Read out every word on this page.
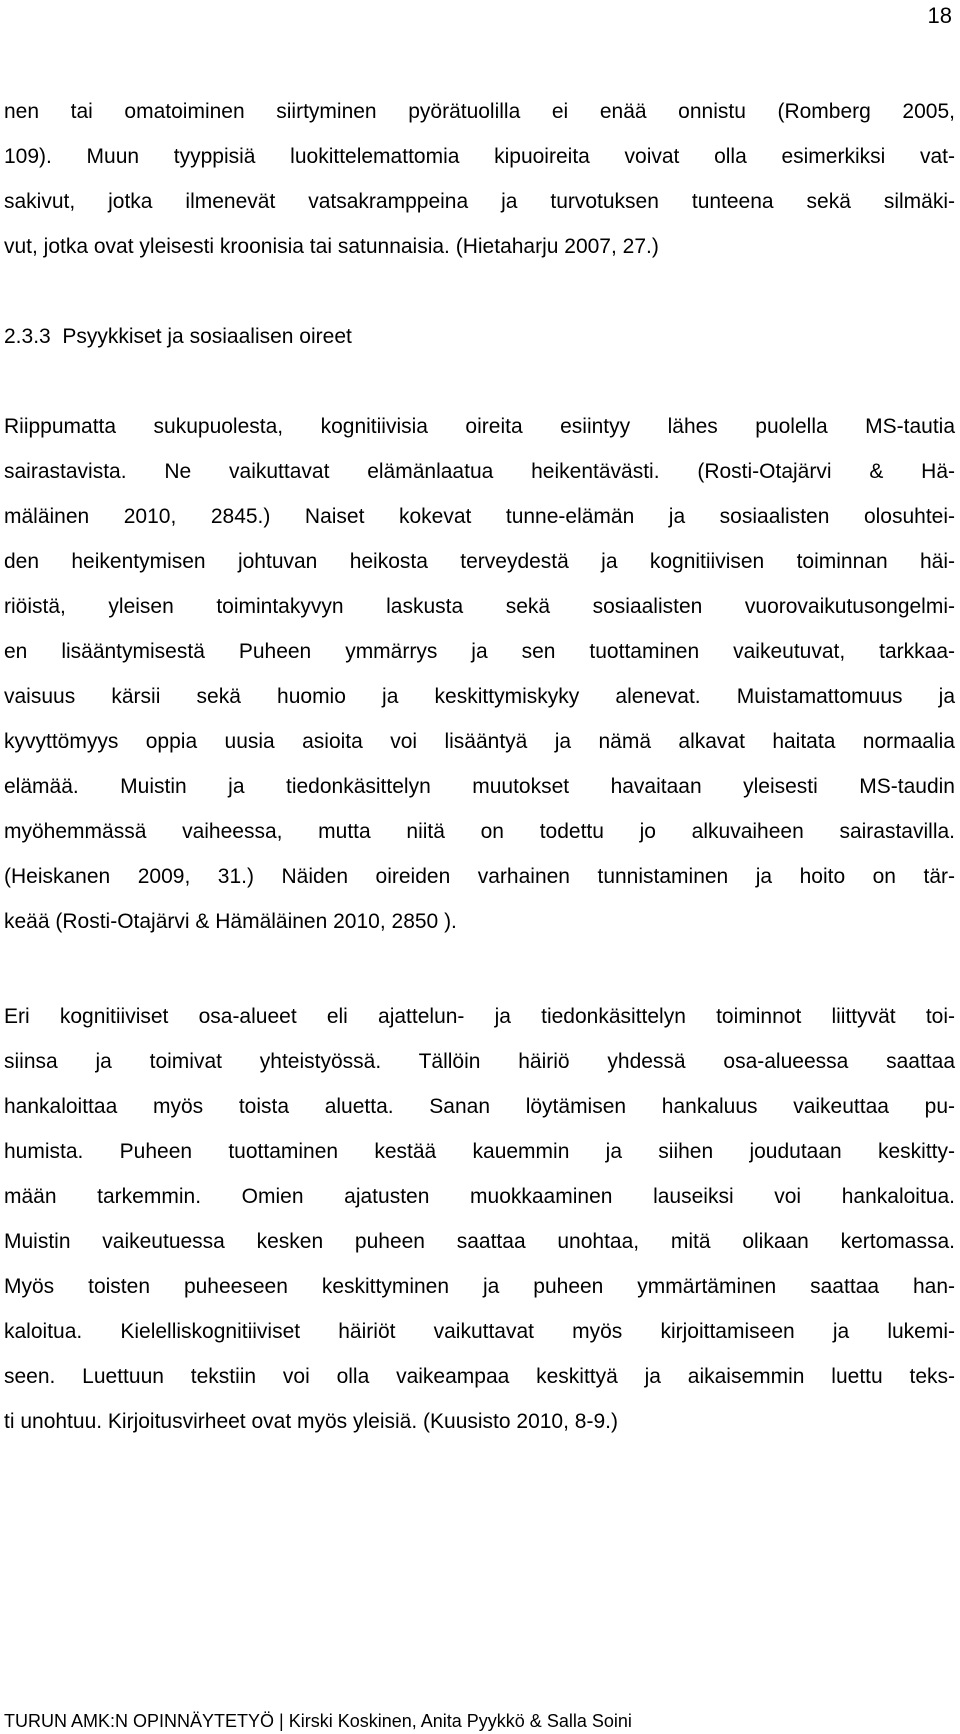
18
nen tai omatoiminen siirtyminen pyörätuolilla ei enää onnistu (Romberg 2005,
109). Muun tyyppisiä luokittelemattomia kipuoireita voivat olla esimerkiksi vat-
sakivut, jotka ilmenevät vatsakramppeina ja turvotuksen tunteena sekä silmäki-
vut, jotka ovat yleisesti kroonisia tai satunnaisia. (Hietaharju 2007, 27.)
2.3.3  Psyykkiset ja sosiaalisen oireet
Riippumatta sukupuolesta, kognitiivisia oireita esiintyy lähes puolella MS-tautia
sairastavista. Ne vaikuttavat elämänlaatua heikentävästi. (Rosti-Otajärvi & Hä-
mäläinen 2010, 2845.) Naiset kokevat tunne-elämän ja sosiaalisten olosuhtei-
den heikentymisen johtuvan heikosta terveydestä ja kognitiivisen toiminnan häi-
riöistä, yleisen toimintakyvyn laskusta sekä sosiaalisten vuorovaikutusongelmi-
en lisääntymisestä Puheen ymmärrys ja sen tuottaminen vaikeutuvat, tarkkaa-
vaisuus kärsii sekä huomio ja keskittymiskyky alenevat. Muistamattomuus ja
kyvyttömyys oppia uusia asioita voi lisääntyä ja nämä alkavat haitata normaalia
elämää. Muistin ja tiedonkäsittelyn muutokset havaitaan yleisesti MS-taudin
myöhemmässä vaiheessa, mutta niitä on todettu jo alkuvaiheen sairastavilla.
(Heiskanen 2009, 31.) Näiden oireiden varhainen tunnistaminen ja hoito on tär-
keää (Rosti-Otajärvi & Hämäläinen 2010, 2850 ).
Eri kognitiiviset osa-alueet eli ajattelun- ja tiedonkäsittelyn toiminnot liittyvät toi-
siinsa ja toimivat yhteistyössä. Tällöin häiriö yhdessä osa-alueessa saattaa
hankaloittaa myös toista aluetta. Sanan löytämisen hankaluus vaikeuttaa pu-
humista. Puheen tuottaminen kestää kauemmin ja siihen joudutaan keskitty-
mään tarkemmin. Omien ajatusten muokkaaminen lauseiksi voi hankaloitua.
Muistin vaikeutuessa kesken puheen saattaa unohtaa, mitä olikaan kertomassa.
Myös toisten puheeseen keskittyminen ja puheen ymmärtäminen saattaa han-
kaloitua. Kielelliskognitiiviset häiriöt vaikuttavat myös kirjoittamiseen ja lukemi-
seen. Luettuun tekstiin voi olla vaikeampaa keskittyä ja aikaisemmin luettu teks-
ti unohtuu. Kirjoitusvirheet ovat myös yleisiä. (Kuusisto 2010, 8-9.)
TURUN AMK:N OPINNÄYTETYÖ | Kirski Koskinen, Anita Pyykkö & Salla Soini
